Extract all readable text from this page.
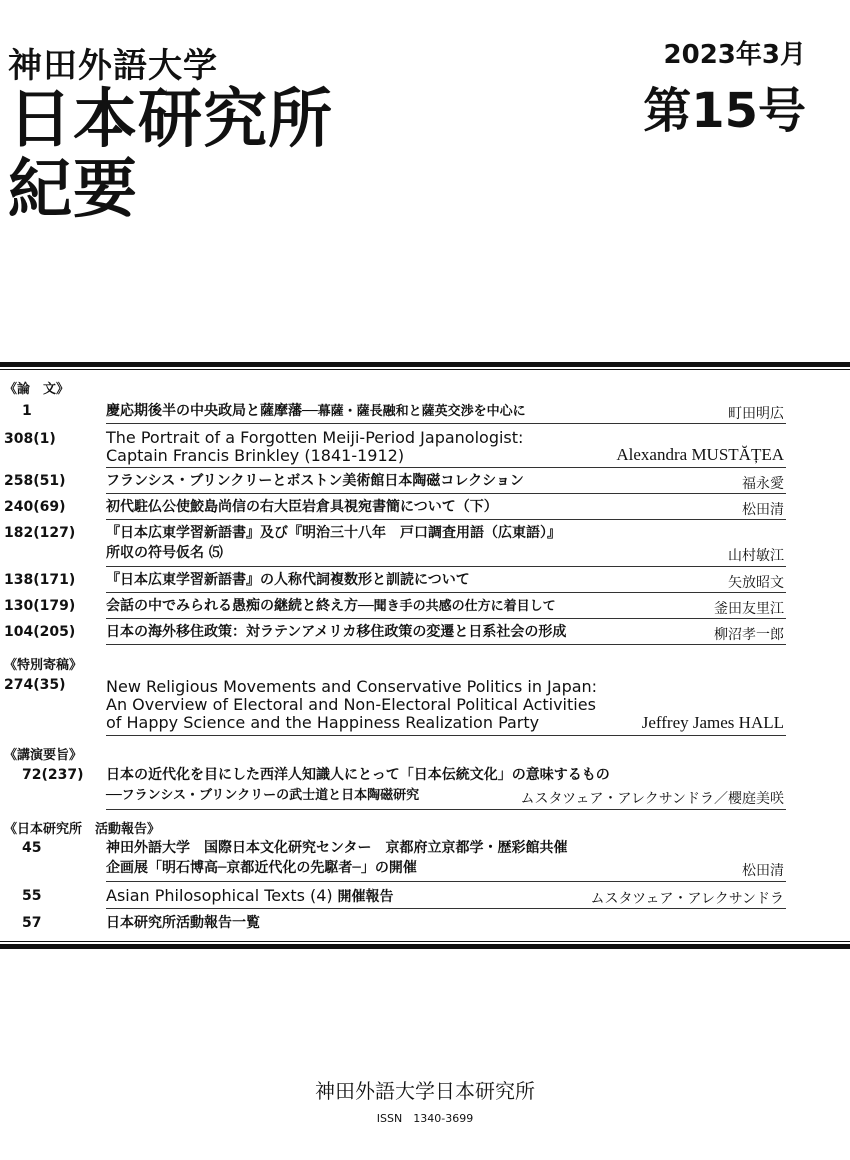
神田外語大学
日本研究所
紀要
2023年3月
第15号
《論　文》
1	慶応期後半の中央政局と薩摩藩──幕薩・薩長融和と薩英交渉を中心に	町田明広
308(1)	The Portrait of a Forgotten Meiji-Period Japanologist:
Captain Francis Brinkley (1841-1912)	Alexandra MUSTĂȚEA
258(51)	フランシス・ブリンクリーとボストン美術館日本陶磁コレクション	福永愛
240(69)	初代駐仏公使鮫島尚信の右大臣岩倉具視宛書簡について（下）	松田清
182(127)	『日本広東学習新語書』及び『明治三十八年　戸口調査用語（広東語）』
所収の符号仮名 ⑸	山村敏江
138(171)	『日本広東学習新語書』の人称代詞複数形と訓読について	矢放昭文
130(179)	会話の中でみられる愚痴の継続と終え方──聞き手の共感の仕方に着目して	釜田友里江
104(205)	日本の海外移住政策：対ラテンアメリカ移住政策の変遷と日系社会の形成	柳沼孝一郎
《特別寄稿》
274(35)	New Religious Movements and Conservative Politics in Japan:
An Overview of Electoral and Non-Electoral Political Activities
of Happy Science and the Happiness Realization Party	Jeffrey James HALL
《講演要旨》
72(237)	日本の近代化を目にした西洋人知識人にとって「日本伝統文化」の意味するもの
──フランシス・ブリンクリーの武士道と日本陶磁研究	ムスタツェア・アレクサンドラ／櫻庭美咲
《日本研究所　活動報告》
45	神田外語大学　国際日本文化研究センター　京都府立京都学・歴彩館共催
企画展「明石博高─京都近代化の先駆者─」の開催	松田清
55	Asian Philosophical Texts (4) 開催報告	ムスタツェア・アレクサンドラ
57	日本研究所活動報告一覧
神田外語大学日本研究所
ISSN　1340-3699
